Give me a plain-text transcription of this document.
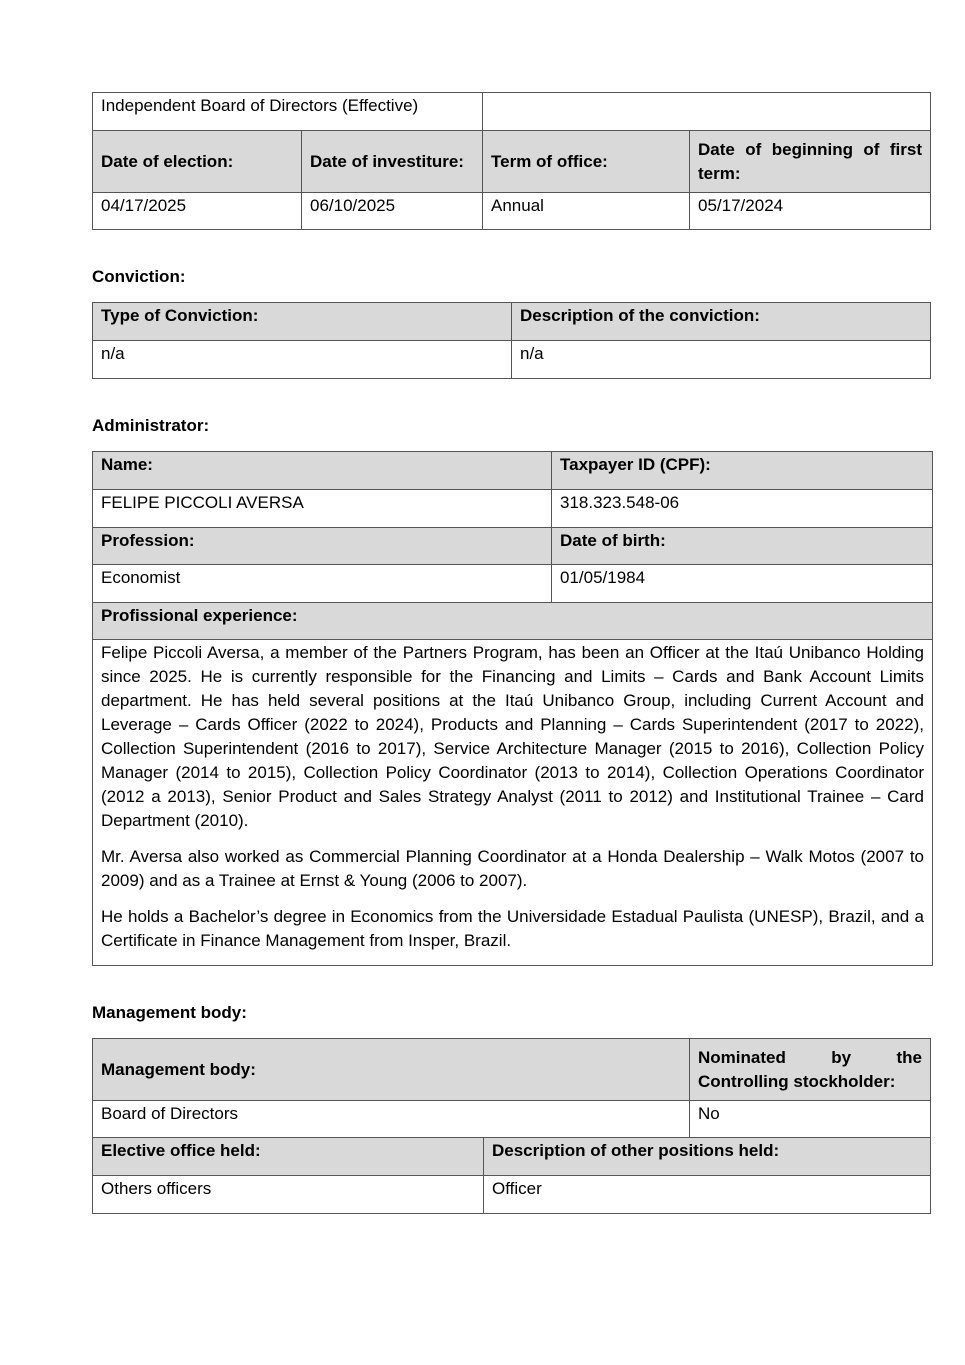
Independent Board of Directors (Effective)			
Date of election:	Date of investiture:	Term of office:	Date of beginning of first term:
04/17/2025	06/10/2025	Annual	05/17/2024
Conviction:
Type of Conviction:	Description of the conviction:
n/a	n/a
Administrator:
Name:	Taxpayer ID (CPF):
FELIPE PICCOLI AVERSA	318.323.548-06
Profession:	Date of birth:
Economist	01/05/1984
Profissional experience:	

Felipe Piccoli Aversa, a member of the Partners Program, has been an Officer at the Itaú Unibanco Holding since 2025. He is currently responsible for the Financing and Limits – Cards and Bank Account Limits department. He has held several positions at the Itaú Unibanco Group, including Current Account and Leverage – Cards Officer (2022 to 2024), Products and Planning – Cards Superintendent (2017 to 2022), Collection Superintendent (2016 to 2017), Service Architecture Manager (2015 to 2016), Collection Policy Manager (2014 to 2015), Collection Policy Coordinator (2013 to 2014), Collection Operations Coordinator (2012 a 2013), Senior Product and Sales Strategy Analyst (2011 to 2012) and Institutional Trainee – Card Department (2010).

Mr. Aversa also worked as Commercial Planning Coordinator at a Honda Dealership – Walk Motos (2007 to 2009) and as a Trainee at Ernst & Young (2006 to 2007).

He holds a Bachelor’s degree in Economics from the Universidade Estadual Paulista (UNESP), Brazil, and a Certificate in Finance Management from Insper, Brazil.	

Management body:
Management body:		Nominated by the Controlling stockholder:
Board of Directors		No
Elective office held:	Description of other positions held:	
Others officers	Officer	
